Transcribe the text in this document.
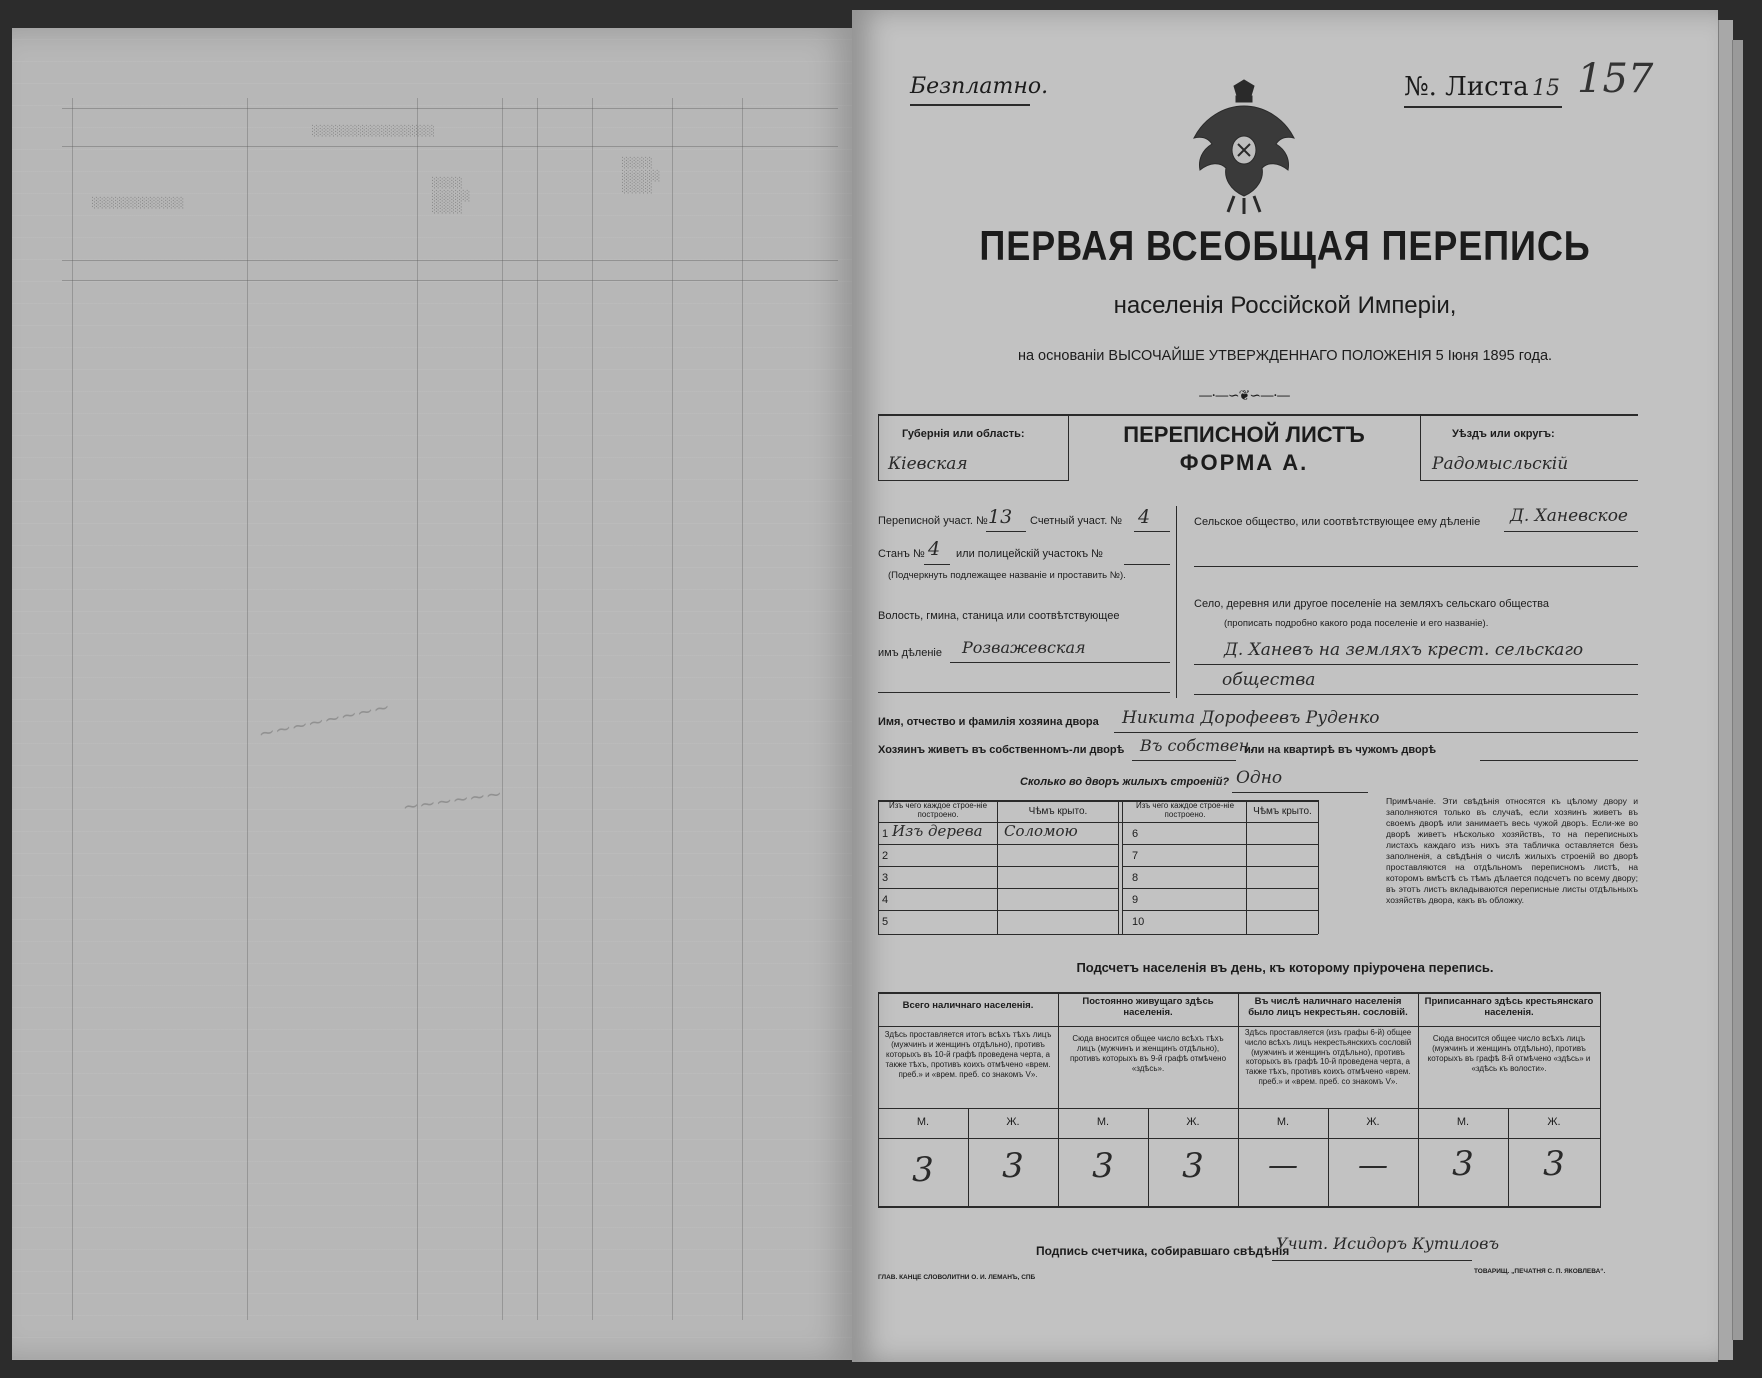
░░░░░░░░░░░░░░░░
░░░░░░░░░░░░
░░░░
░░░░░
░░░░
░░░░
░░░░░
░░░░
~~~~~~~~
~~~~~~
Безплатно.	№. Листа 15 157
ПЕРВАЯ ВСЕОБЩАЯ ПЕРЕПИСЬ
населенія Россійской Имперіи,
на основаніи ВЫСОЧАЙШЕ УТВЕРЖДЕННАГО ПОЛОЖЕНІЯ 5 Іюня 1895 года.
—·—∽❦∽—·—
Губернія или область:
Кіевская
ПЕРЕПИСНОЙ ЛИСТЪ
ФОРМА А.
Уѣздъ или округъ:
Радомысльскій
Переписной участ. № 13 Счетный участ. № 4
Станъ № 4 или полицейскій участокъ №
(Подчеркнуть подлежащее названіе и проставить №).
Волость, гмина, станица или соотвѣтствующее
имъ дѣленіе Розважевская
Сельское общество, или соотвѣтствующее ему дѣленіе Д. Ханевское
Село, деревня или другое поселеніе на земляхъ сельскаго общества
(прописать подробно какого рода поселеніе и его названіе).
Д. Ханевъ на земляхъ крест. сельскаго
общества
Имя, отчество и фамилія хозяина двора Никита Дорофеевъ Руденко
Хозяинъ живетъ въ собственномъ-ли дворѣ Въ собствен.
или на квартирѣ въ чужомъ дворѣ
Сколько во дворъ жилыхъ строеній? Одно
Изъ чего каждое строе-ніе построено.	Чѣмъ крыто.
Изъ чего каждое строе-ніе построено.	Чѣмъ крыто.
1 Изъ дерева Соломою
2
3
4
5
6
7
8
9
10
Примѣчаніе. Эти свѣдѣнія относятся къ цѣлому двору и заполняются только въ случаѣ, если хозяинъ живетъ въ своемъ дворѣ или занимаетъ весь чужой дворъ. Если-же во дворѣ живетъ нѣсколько хозяйствъ, то на переписныхъ листахъ каждаго изъ нихъ эта табличка оставляется безъ заполненія, а свѣдѣнія о числѣ жилыхъ строеній во дворѣ проставляются на отдѣльномъ переписномъ листѣ, на которомъ вмѣстѣ съ тѣмъ дѣлается подсчетъ по всему двору; въ этотъ листъ вкладываются переписные листы отдѣльныхъ хозяйствъ двора, какъ въ обложку.
Подсчетъ населенія въ день, къ которому пріурочена перепись.
Всего наличнаго населенія.
Здѣсь проставляется итогъ всѣхъ тѣхъ лицъ (мужчинъ и женщинъ отдѣльно), противъ которыхъ въ 10-й графѣ проведена черта, а также тѣхъ, противъ коихъ отмѣчено «врем. преб.» и «врем. преб. со знакомъ V».
М.	Ж.
3	3
Постоянно живущаго здѣсь населенія.
Сюда вносится общее число всѣхъ тѣхъ лицъ (мужчинъ и женщинъ отдѣльно), противъ которыхъ въ 9-й графѣ отмѣчено «здѣсь».
М.	Ж.
3	3
Въ числѣ наличнаго населенія было лицъ некрестьян. сословій.
Здѣсь проставляется (изъ графы 6-й) общее число всѣхъ лицъ некрестьянскихъ сословій (мужчинъ и женщинъ отдѣльно), противъ которыхъ въ графѣ 10-й проведена черта, а также тѣхъ, противъ коихъ отмѣчено «врем. преб.» и «врем. преб. со знакомъ V».
М.	Ж.
—	—
Приписаннаго здѣсь крестьянскаго населенія.
Сюда вносится общее число всѣхъ лицъ (мужчинъ и женщинъ отдѣльно), противъ которыхъ въ графѣ 8-й отмѣчено «здѣсь» и «здѣсь къ волости».
М.	Ж.
3	3
Подпись счетчика, собиравшаго свѣдѣнія
Учит. Исидоръ Кутиловъ
ГЛАВ. КАНЦЕ СЛОВОЛИТНИ О. И. ЛЕМАНЪ, СПБ
ТОВАРИЩ. „ПЕЧАТНЯ С. П. ЯКОВЛЕВА“.
